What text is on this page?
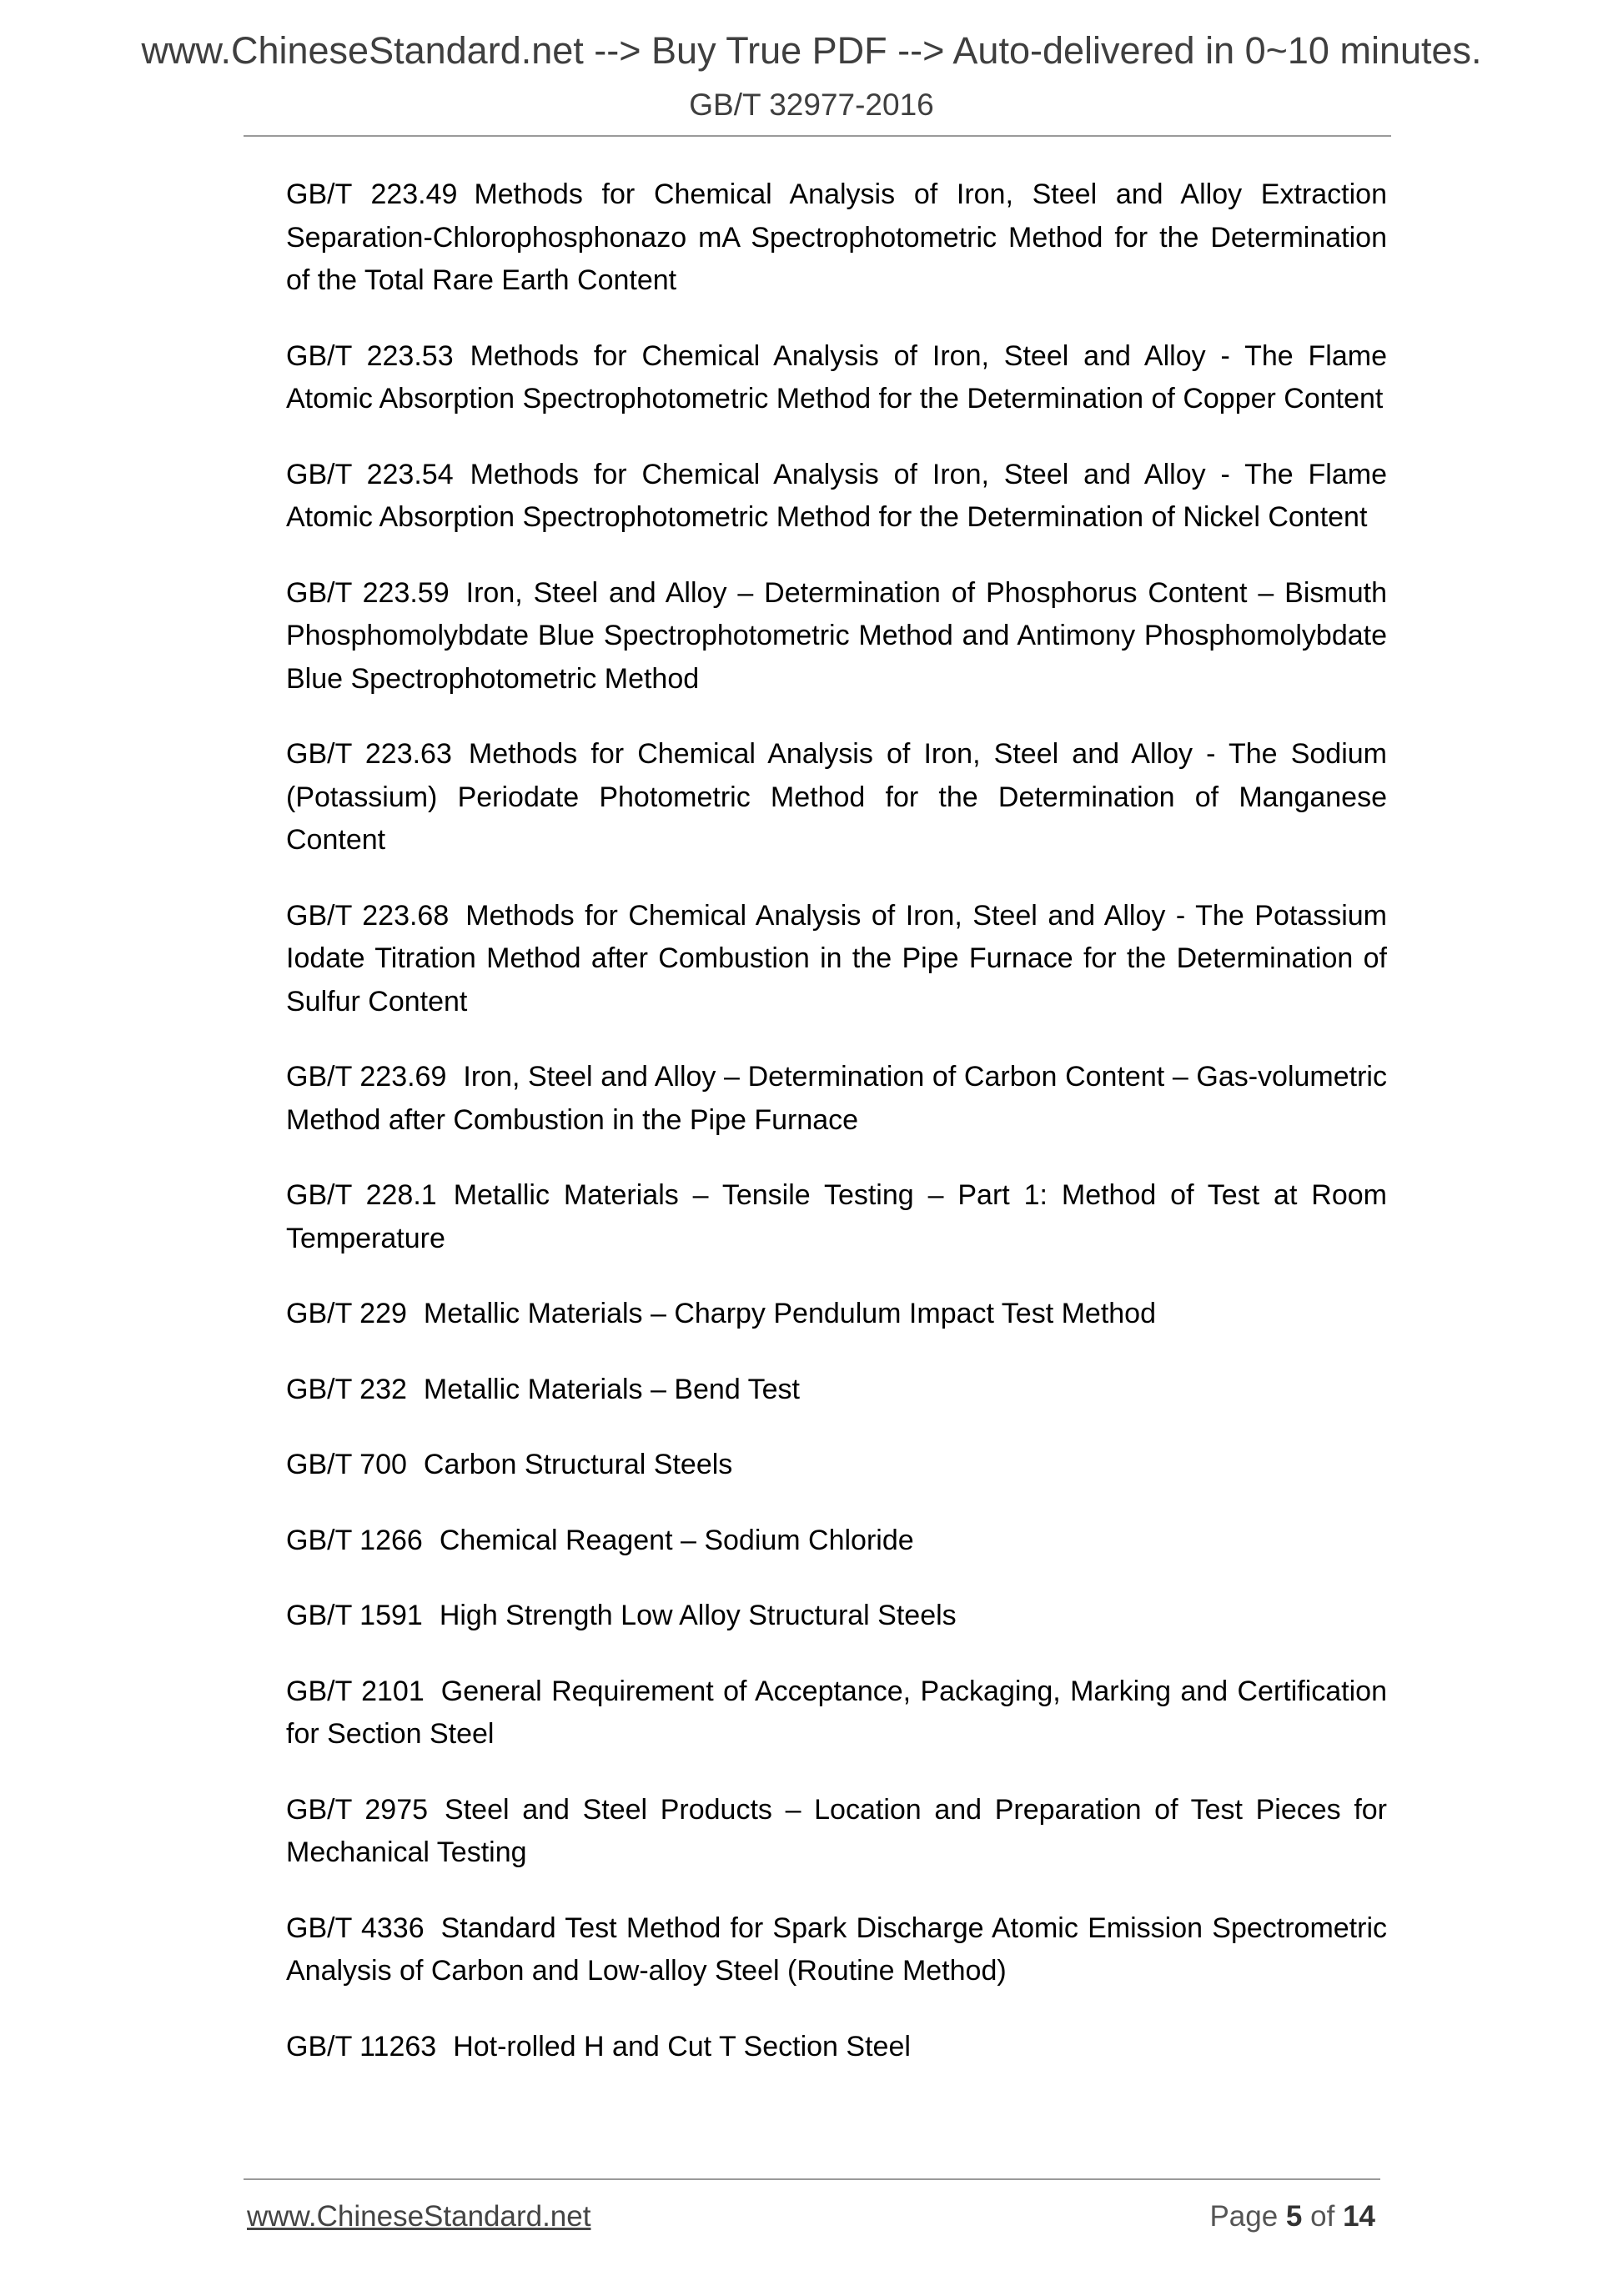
www.ChineseStandard.net --> Buy True PDF --> Auto-delivered in 0~10 minutes.
GB/T 32977-2016

GB/T 223.49 Methods for Chemical Analysis of Iron, Steel and Alloy Extraction Separation-Chlorophosphonazo mA Spectrophotometric Method for the Determination of the Total Rare Earth Content

GB/T 223.53 Methods for Chemical Analysis of Iron, Steel and Alloy - The Flame Atomic Absorption Spectrophotometric Method for the Determination of Copper Content

GB/T 223.54 Methods for Chemical Analysis of Iron, Steel and Alloy - The Flame Atomic Absorption Spectrophotometric Method for the Determination of Nickel Content

GB/T 223.59 Iron, Steel and Alloy – Determination of Phosphorus Content – Bismuth Phosphomolybdate Blue Spectrophotometric Method and Antimony Phosphomolybdate Blue Spectrophotometric Method

GB/T 223.63 Methods for Chemical Analysis of Iron, Steel and Alloy - The Sodium (Potassium) Periodate Photometric Method for the Determination of Manganese Content

GB/T 223.68 Methods for Chemical Analysis of Iron, Steel and Alloy - The Potassium Iodate Titration Method after Combustion in the Pipe Furnace for the Determination of Sulfur Content

GB/T 223.69 Iron, Steel and Alloy – Determination of Carbon Content – Gas-volumetric Method after Combustion in the Pipe Furnace

GB/T 228.1 Metallic Materials – Tensile Testing – Part 1: Method of Test at Room Temperature

GB/T 229 Metallic Materials – Charpy Pendulum Impact Test Method

GB/T 232 Metallic Materials – Bend Test

GB/T 700 Carbon Structural Steels

GB/T 1266 Chemical Reagent – Sodium Chloride

GB/T 1591 High Strength Low Alloy Structural Steels

GB/T 2101 General Requirement of Acceptance, Packaging, Marking and Certification for Section Steel

GB/T 2975 Steel and Steel Products – Location and Preparation of Test Pieces for Mechanical Testing

GB/T 4336 Standard Test Method for Spark Discharge Atomic Emission Spectrometric Analysis of Carbon and Low-alloy Steel (Routine Method)

GB/T 11263 Hot-rolled H and Cut T Section Steel

www.ChineseStandard.net	Page 5 of 14
